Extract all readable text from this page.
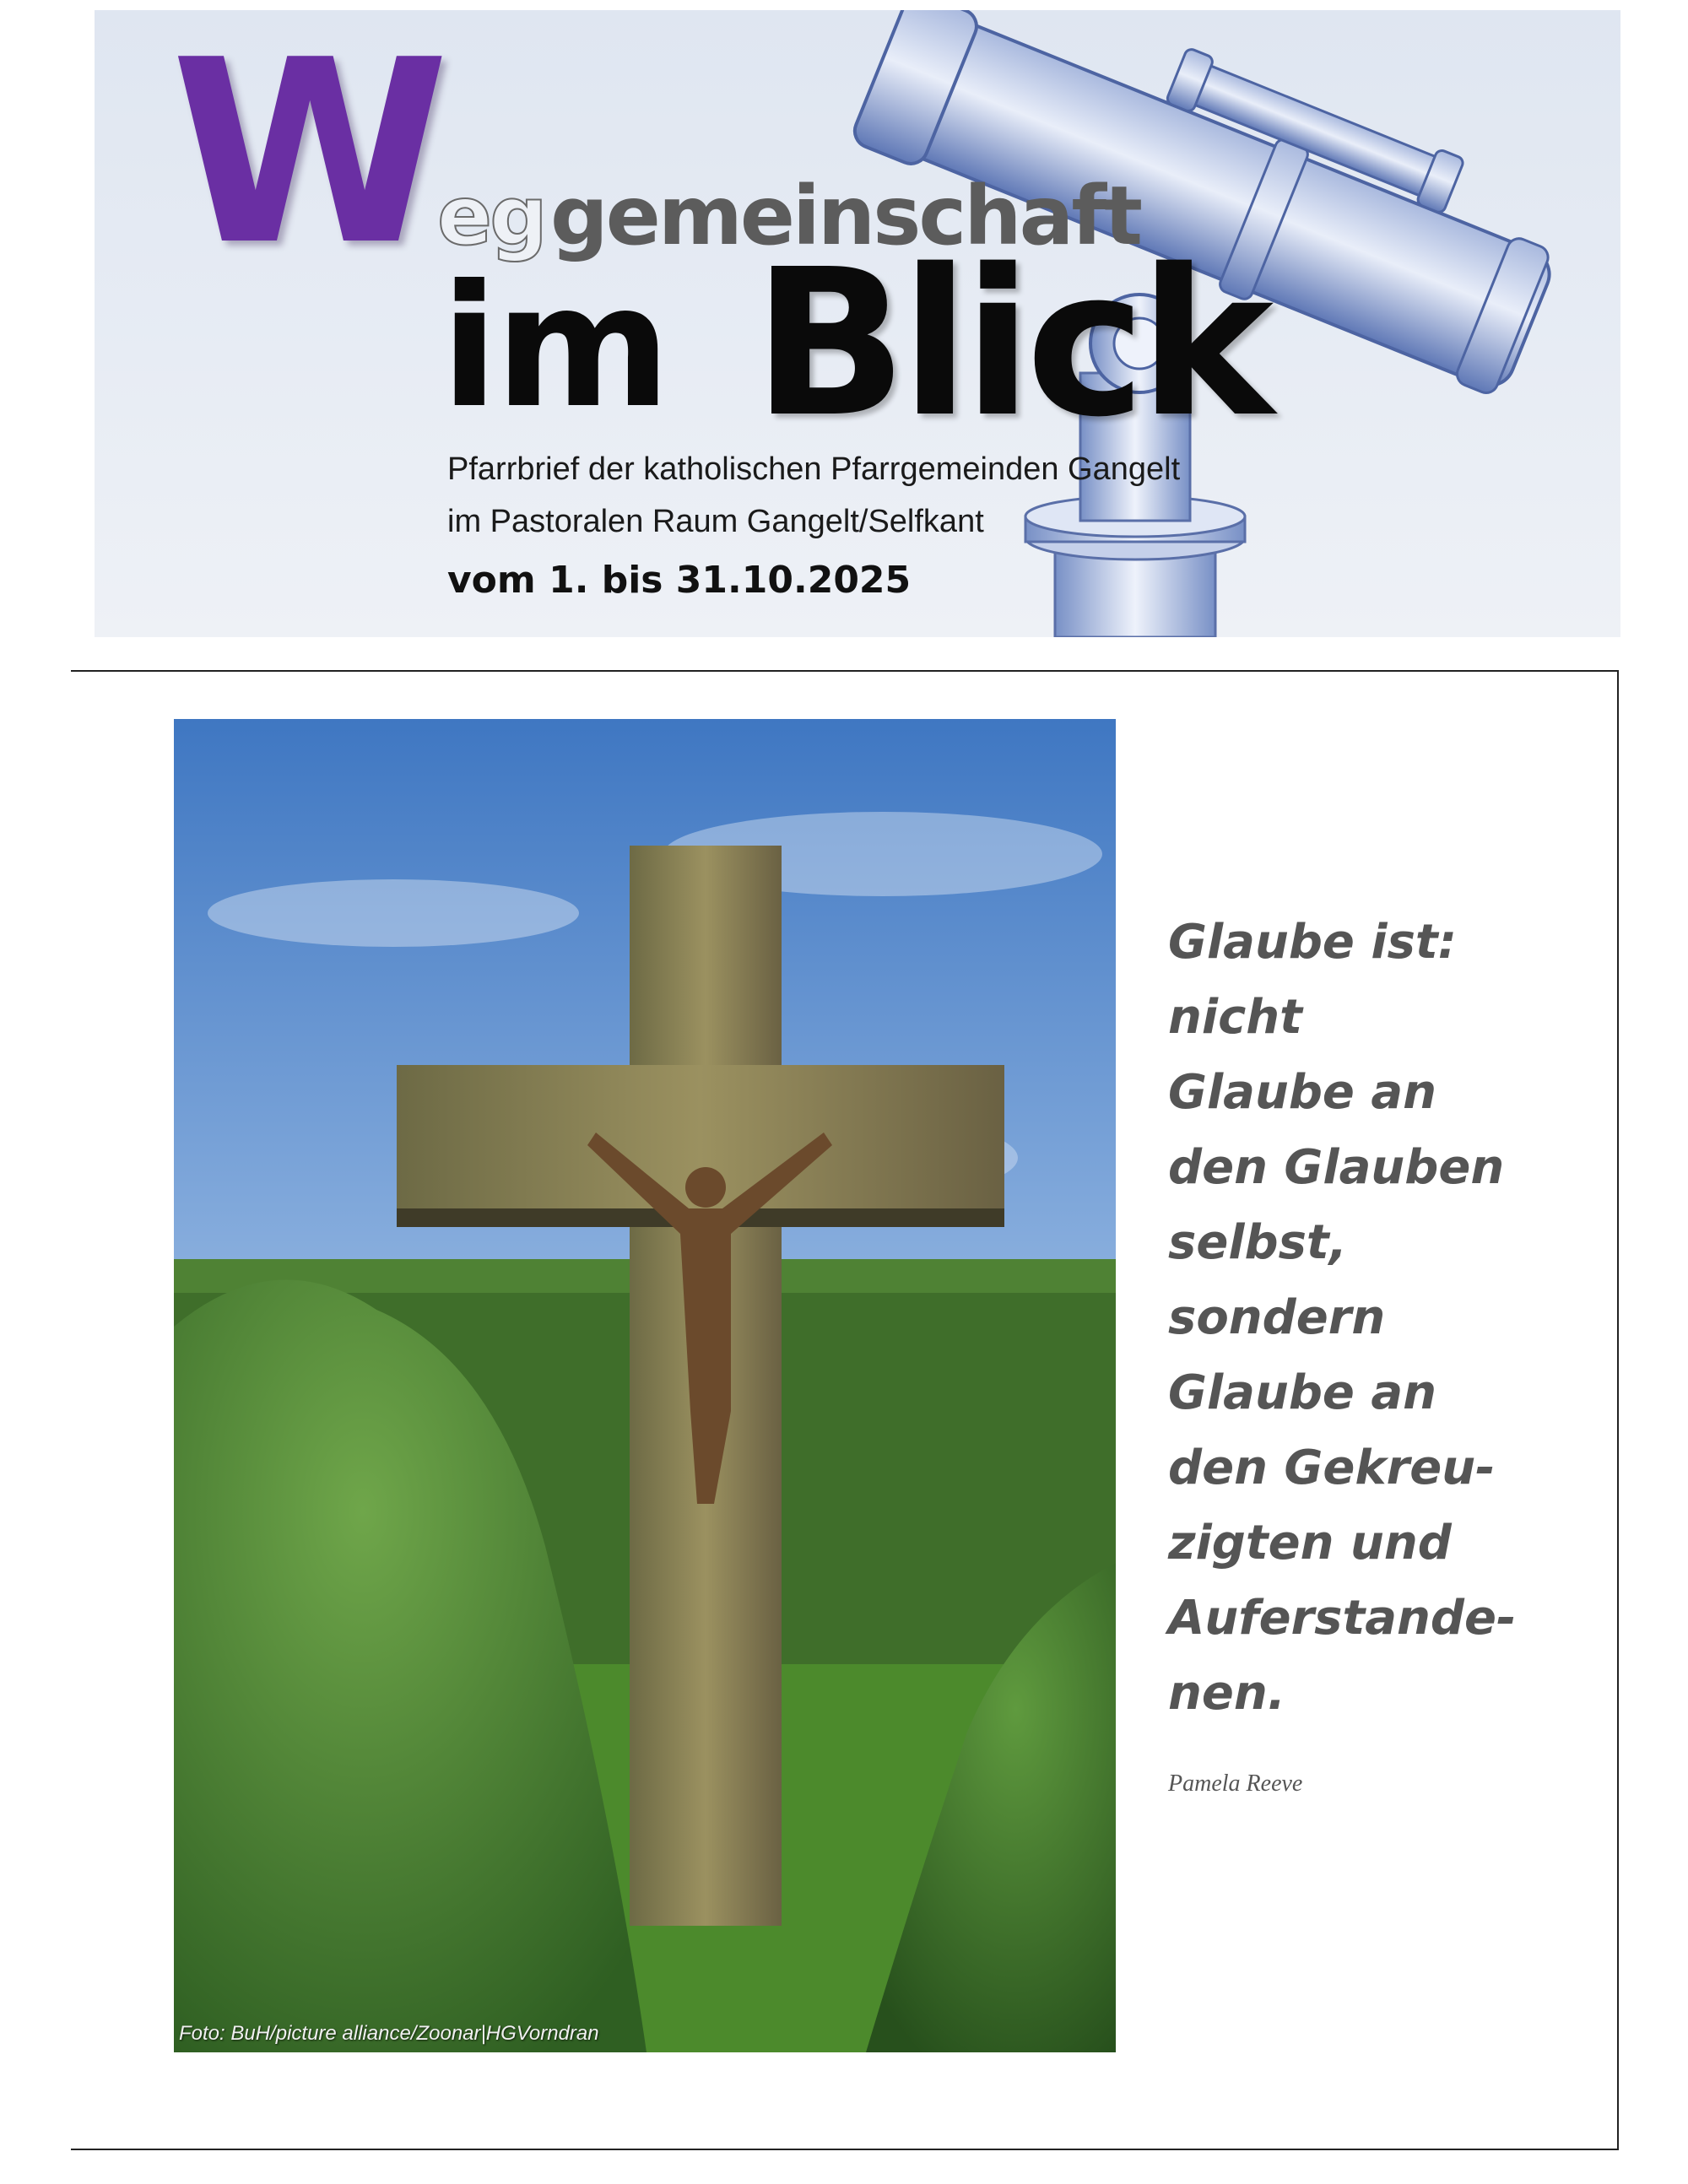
W
eg gemeinschaft
im Blick
Pfarrbrief der katholischen Pfarrgemeinden Gangelt
im Pastoralen Raum Gangelt/Selfkant
vom 1. bis 31.10.2025
Foto: BuH/picture alliance/Zoonar|HGVorndran
Glaube ist:
nicht
Glaube an
den Glauben
selbst,
sondern
Glaube an
den Gekreu-
zigten und
Auferstande-
nen.
Pamela Reeve
